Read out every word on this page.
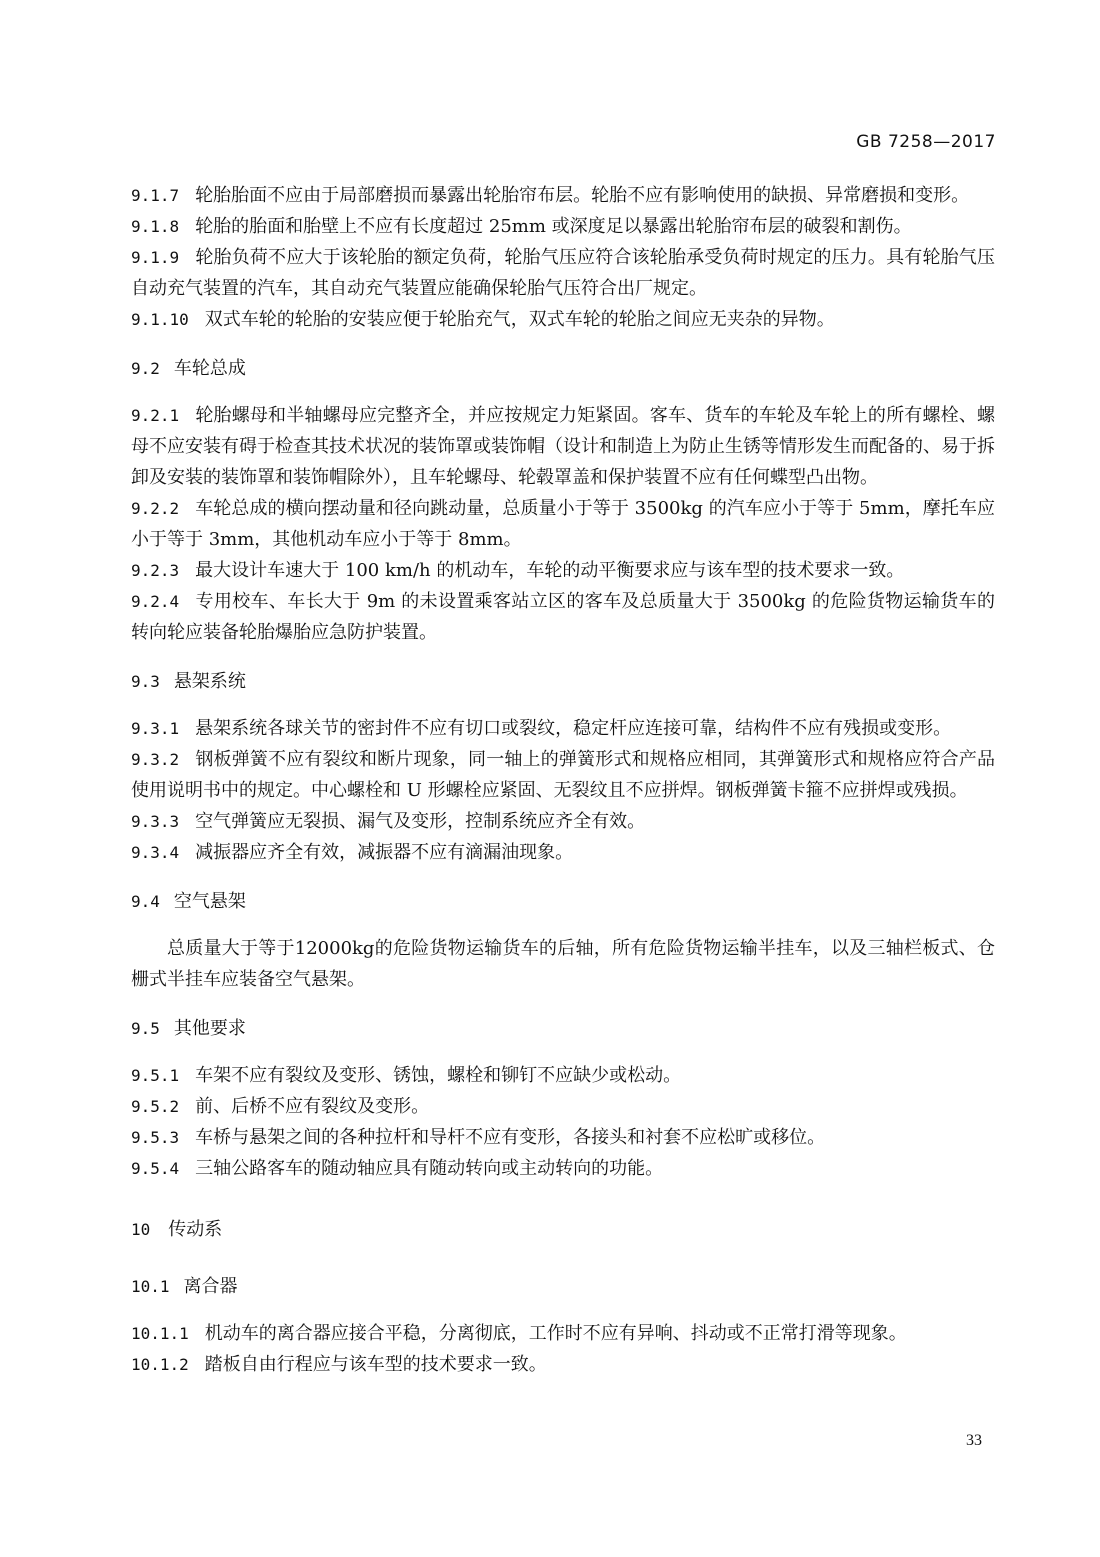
GB 7258—2017

9.1.7 轮胎胎面不应由于局部磨损而暴露出轮胎帘布层。轮胎不应有影响使用的缺损、异常磨损和变形。

9.1.8 轮胎的胎面和胎壁上不应有长度超过 25mm 或深度足以暴露出轮胎帘布层的破裂和割伤。

9.1.9 轮胎负荷不应大于该轮胎的额定负荷，轮胎气压应符合该轮胎承受负荷时规定的压力。具有轮胎气压自动充气装置的汽车，其自动充气装置应能确保轮胎气压符合出厂规定。

9.1.10 双式车轮的轮胎的安装应便于轮胎充气，双式车轮的轮胎之间应无夹杂的异物。

9.2 车轮总成

9.2.1 轮胎螺母和半轴螺母应完整齐全，并应按规定力矩紧固。客车、货车的车轮及车轮上的所有螺栓、螺母不应安装有碍于检查其技术状况的装饰罩或装饰帽（设计和制造上为防止生锈等情形发生而配备的、易于拆卸及安装的装饰罩和装饰帽除外），且车轮螺母、轮毂罩盖和保护装置不应有任何蝶型凸出物。

9.2.2 车轮总成的横向摆动量和径向跳动量，总质量小于等于 3500kg 的汽车应小于等于 5mm，摩托车应小于等于 3mm，其他机动车应小于等于 8mm。

9.2.3 最大设计车速大于 100 km/h 的机动车，车轮的动平衡要求应与该车型的技术要求一致。

9.2.4 专用校车、车长大于 9m 的未设置乘客站立区的客车及总质量大于 3500kg 的危险货物运输货车的转向轮应装备轮胎爆胎应急防护装置。

9.3 悬架系统

9.3.1 悬架系统各球关节的密封件不应有切口或裂纹，稳定杆应连接可靠，结构件不应有残损或变形。

9.3.2 钢板弹簧不应有裂纹和断片现象，同一轴上的弹簧形式和规格应相同，其弹簧形式和规格应符合产品使用说明书中的规定。中心螺栓和 U 形螺栓应紧固、无裂纹且不应拼焊。钢板弹簧卡箍不应拼焊或残损。

9.3.3 空气弹簧应无裂损、漏气及变形，控制系统应齐全有效。

9.3.4 减振器应齐全有效，减振器不应有滴漏油现象。

9.4 空气悬架

总质量大于等于12000kg的危险货物运输货车的后轴，所有危险货物运输半挂车，以及三轴栏板式、仓栅式半挂车应装备空气悬架。

9.5 其他要求

9.5.1 车架不应有裂纹及变形、锈蚀，螺栓和铆钉不应缺少或松动。

9.5.2 前、后桥不应有裂纹及变形。

9.5.3 车桥与悬架之间的各种拉杆和导杆不应有变形，各接头和衬套不应松旷或移位。

9.5.4 三轴公路客车的随动轴应具有随动转向或主动转向的功能。

10 传动系
10.1 离合器

10.1.1 机动车的离合器应接合平稳，分离彻底，工作时不应有异响、抖动或不正常打滑等现象。

10.1.2 踏板自由行程应与该车型的技术要求一致。

33
